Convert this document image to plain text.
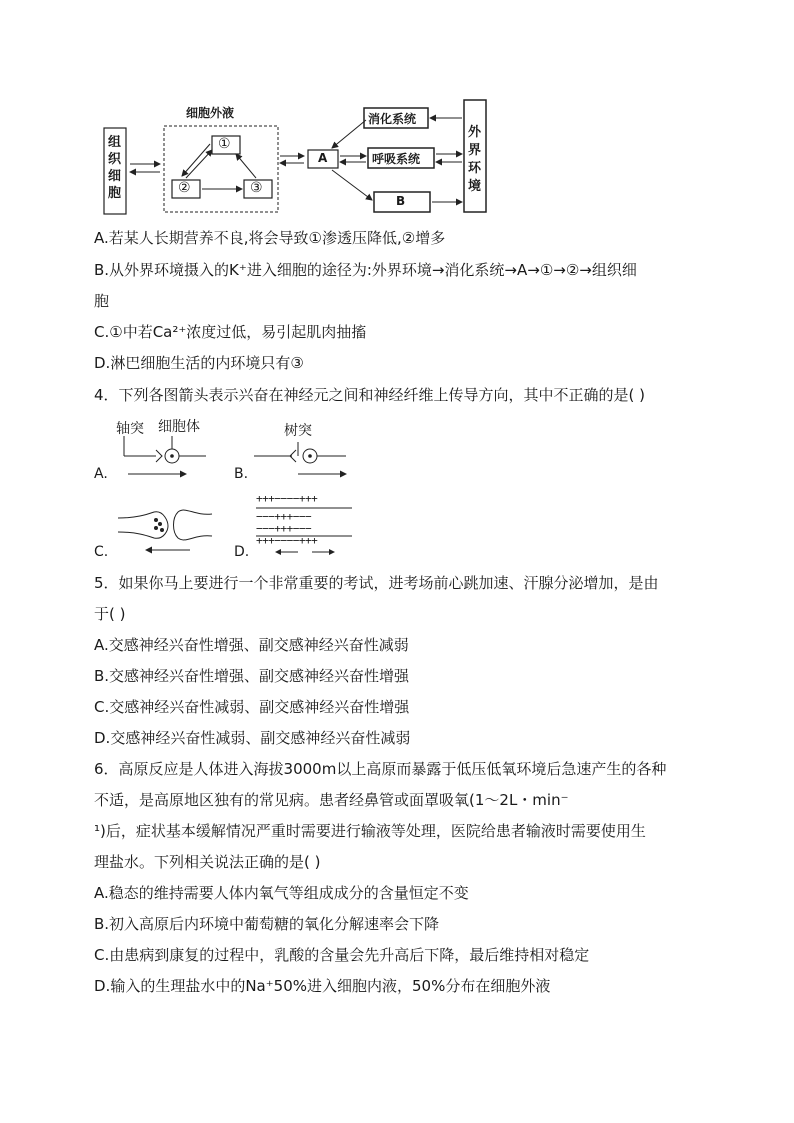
细胞外液
组织细胞
①
②	③
A
消化系统
呼吸系统
B
外界环境
A.若某人长期营养不良,将会导致①渗透压降低,②增多
B.从外界环境摄入的K⁺进入细胞的途径为:外界环境→消化系统→A→①→②→组织细
胞
C.①中若Ca²⁺浓度过低，易引起肌肉抽搐
D.淋巴细胞生活的内环境只有③
4．下列各图箭头表示兴奋在神经元之间和神经纤维上传导方向，其中不正确的是( )
A.
轴突 细胞体
B.
树突
C.	D.
+++−−−−+++
−−−+++−−−
−−−+++−−−
+++−−−−+++
5．如果你马上要进行一个非常重要的考试，进考场前心跳加速、汗腺分泌增加，是由
于( )
A.交感神经兴奋性增强、副交感神经兴奋性减弱
B.交感神经兴奋性增强、副交感神经兴奋性增强
C.交感神经兴奋性减弱、副交感神经兴奋性增强
D.交感神经兴奋性减弱、副交感神经兴奋性减弱
6．高原反应是人体进入海拔3000m以上高原而暴露于低压低氧环境后急速产生的各种
不适，是高原地区独有的常见病。患者经鼻管或面罩吸氧(1～2L・min⁻
¹)后，症状基本缓解情况严重时需要进行输液等处理，医院给患者输液时需要使用生
理盐水。下列相关说法正确的是( )
A.稳态的维持需要人体内氧气等组成成分的含量恒定不变
B.初入高原后内环境中葡萄糖的氧化分解速率会下降
C.由患病到康复的过程中，乳酸的含量会先升高后下降，最后维持相对稳定
D.输入的生理盐水中的Na⁺50%进入细胞内液，50%分布在细胞外液
